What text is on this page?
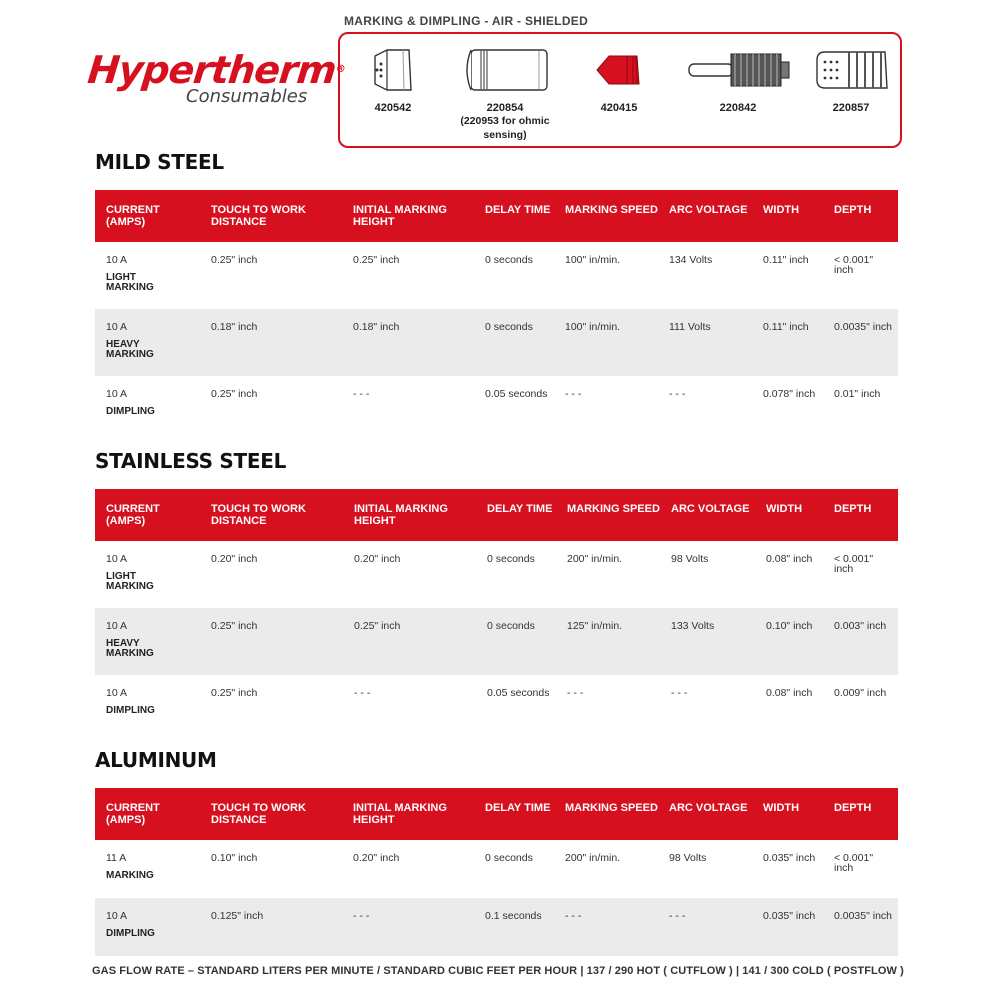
Hypertherm®
Consumables
MARKING & DIMPLING - AIR - SHIELDED
420542	220854
(220953 for ohmic sensing)
420415	220842	220857
MILD STEEL
CURRENT (AMPS)	TOUCH TO WORK DISTANCE	INITIAL MARKING HEIGHT	DELAY TIME	MARKING SPEED	ARC VOLTAGE	WIDTH	DEPTH
10 A
LIGHT MARKING	0.25" inch	0.25" inch	0 seconds	100" in/min.	134 Volts	0.11" inch	< 0.001" inch
10 A
HEAVY MARKING	0.18" inch	0.18" inch	0 seconds	100" in/min.	111 Volts	0.11" inch	0.0035" inch
10 A
DIMPLING	0.25" inch	- - -	0.05 seconds	- - -	- - -	0.078" inch	0.01" inch
STAINLESS STEEL
CURRENT (AMPS)	TOUCH TO WORK DISTANCE	INITIAL MARKING HEIGHT	DELAY TIME	MARKING SPEED	ARC VOLTAGE	WIDTH	DEPTH
10 A
LIGHT MARKING	0.20" inch	0.20" inch	0 seconds	200" in/min.	98 Volts	0.08" inch	< 0.001" inch
10 A
HEAVY MARKING	0.25" inch	0.25" inch	0 seconds	125" in/min.	133 Volts	0.10" inch	0.003" inch
10 A
DIMPLING	0.25" inch	- - -	0.05 seconds	- - -	- - -	0.08" inch	0.009" inch
ALUMINUM
CURRENT (AMPS)	TOUCH TO WORK DISTANCE	INITIAL MARKING HEIGHT	DELAY TIME	MARKING SPEED	ARC VOLTAGE	WIDTH	DEPTH
11 A
MARKING	0.10" inch	0.20" inch	0 seconds	200" in/min.	98 Volts	0.035" inch	< 0.001" inch
10 A
DIMPLING	0.125" inch	- - -	0.1 seconds	- - -	- - -	0.035" inch	0.0035" inch
GAS FLOW RATE – STANDARD LITERS PER MINUTE / STANDARD CUBIC FEET PER HOUR | 137 / 290 HOT ( CUTFLOW ) | 141 / 300 COLD ( POSTFLOW )
